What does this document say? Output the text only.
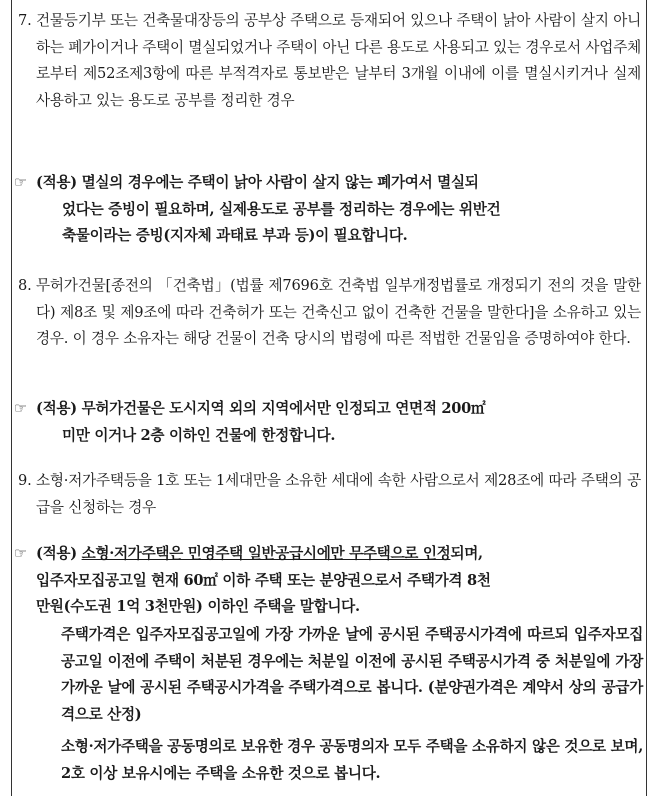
7. 건물등기부 또는 건축물대장등의 공부상 주택으로 등재되어 있으나 주택이 낡아 사람이 살지 아니하는 폐가이거나 주택이 멸실되었거나 주택이 아닌 다른 용도로 사용되고 있는 경우로서 사업주체로부터 제52조제3항에 따른 부적격자로 통보받은 날부터 3개월 이내에 이를 멸실시키거나 실제 사용하고 있는 용도로 공부를 정리한 경우
☞ (적용) 멸실의 경우에는 주택이 낡아 사람이 살지 않는 폐가여서 멸실되
었다는 증빙이 필요하며, 실제용도로 공부를 정리하는 경우에는 위반건
축물이라는 증빙(지자체 과태료 부과 등)이 필요합니다.
8. 무허가건물[종전의 「건축법」(법률 제7696호 건축법 일부개정법률로 개정되기 전의 것을 말한다) 제8조 및 제9조에 따라 건축허가 또는 건축신고 없이 건축한 건물을 말한다]을 소유하고 있는 경우. 이 경우 소유자는 해당 건물이 건축 당시의 법령에 따른 적법한 건물임을 증명하여야 한다.
☞ (적용) 무허가건물은 도시지역 외의 지역에서만 인정되고 연면적 200㎡
미만 이거나 2층 이하인 건물에 한정합니다.
9. 소형·저가주택등을 1호 또는 1세대만을 소유한 세대에 속한 사람으로서 제28조에 따라 주택의 공급을 신청하는 경우
☞ (적용) 소형·저가주택은 민영주택 일반공급시에만 무주택으로 인정되며,
입주자모집공고일 현재 60㎡ 이하 주택 또는 분양권으로서 주택가격 8천
만원(수도권 1억 3천만원) 이하인 주택을 말합니다.
주택가격은 입주자모집공고일에 가장 가까운 날에 공시된 주택공시가격에 따르되 입주자모집공고일 이전에 주택이 처분된 경우에는 처분일 이전에 공시된 주택공시가격 중 처분일에 가장 가까운 날에 공시된 주택공시가격을 주택가격으로 봅니다. (분양권가격은 계약서 상의 공급가격으로 산정)
소형·저가주택을 공동명의로 보유한 경우 공동명의자 모두 주택을 소유하지 않은 것으로 보며, 2호 이상 보유시에는 주택을 소유한 것으로 봅니다.
